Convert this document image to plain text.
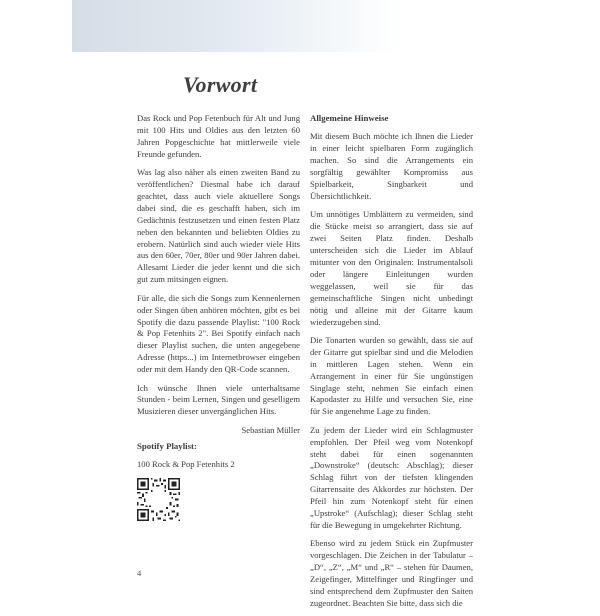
Vorwort

Das Rock und Pop Fetenbuch für Alt und Jung mit 100 Hits und Oldies aus den letzten 60 Jahren Popgeschichte hat mittlerweile viele Freunde gefunden.

Was lag also näher als einen zweiten Band zu veröffentlichen? Diesmal habe ich darauf geachtet, dass auch viele aktuellere Songs dabei sind, die es geschafft haben, sich im Gedächtnis festzusetzen und einen festen Platz neben den bekannten und beliebten Oldies zu erobern. Natürlich sind auch wieder viele Hits aus den 60er, 70er, 80er und 90er Jahren dabei. Allesamt Lieder die jeder kennt und die sich gut zum mitsingen eignen.

Für alle, die sich die Songs zum Kennenlernen oder Singen üben anhören möchten, gibt es bei Spotify die dazu passende Playlist: "100 Rock & Pop Fetenhits 2". Bei Spotify einfach nach dieser Playlist suchen, die unten angegebene Adresse (https...) im Internetbrowser eingeben oder mit dem Handy den QR-Code scannen.

Ich wünsche Ihnen viele unterhaltsame Stunden - beim Lernen, Singen und geselligem Musizieren dieser unvergänglichen Hits.

Sebastian Müller

Spotify Playlist:

100 Rock & Pop Fetenhits 2

Allgemeine Hinweise

Mit diesem Buch möchte ich Ihnen die Lieder in einer leicht spielbaren Form zugänglich machen. So sind die Arrangements ein sorgfältig gewählter Kompromiss aus Spielbarkeit, Singbarkeit und Übersichtlichkeit.

Um unnötiges Umblättern zu vermeiden, sind die Stücke meist so arrangiert, dass sie auf zwei Seiten Platz finden. Deshalb unterscheiden sich die Lieder im Ablauf mitunter von den Originalen: Instrumentalsoli oder längere Einleitungen wurden weggelassen, weil sie für das gemeinschaftliche Singen nicht unbedingt nötig und alleine mit der Gitarre kaum wiederzugeben sind.

Die Tonarten wurden so gewählt, dass sie auf der Gitarre gut spielbar sind und die Melodien in mittleren Lagen stehen. Wenn ein Arrangement in einer für Sie ungünstigen Singlage steht, nehmen Sie einfach einen Kapodaster zu Hilfe und versuchen Sie, eine für Sie angenehme Lage zu finden.

Zu jedem der Lieder wird ein Schlagmuster empfohlen. Der Pfeil weg vom Notenkopf steht dabei für einen sogenannten „Downstroke“ (deutsch: Abschlag); dieser Schlag führt von der tiefsten klingenden Gitarrensaite des Akkordes zur höchsten. Der Pfeil hin zum Notenkopf steht für einen „Upstroke“ (Aufschlag); dieser Schlag steht für die Bewegung in umgekehrter Richtung.

Ebenso wird zu jedem Stück ein Zupfmuster vorgeschlagen. Die Zeichen in der Tabulatur – „D“, „Z“, „M“ und „R“ – stehen für Daumen, Zeigefinger, Mittelfinger und Ringfinger und sind entsprechend dem Zupfmuster den Saiten zugeordnet. Beachten Sie bitte, dass sich die

4
